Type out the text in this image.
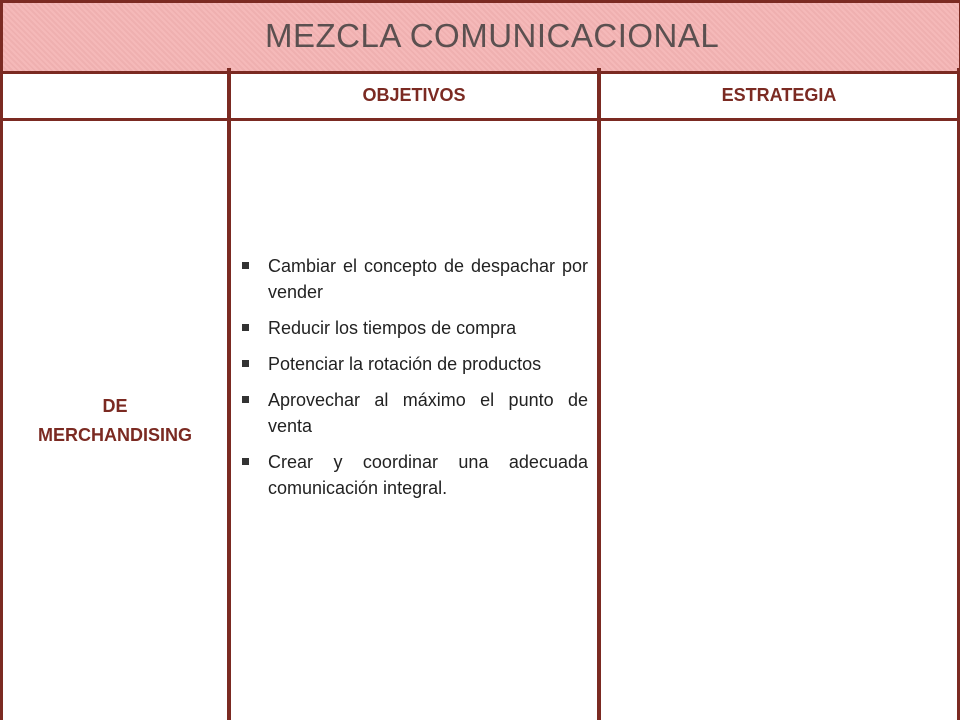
MEZCLA COMUNICACIONAL
OBJETIVOS	ESTRATEGIA
DE
MERCHANDISING
Cambiar el concepto de despachar por vender
Reducir los tiempos de compra
Potenciar la rotación de productos
Aprovechar al máximo el punto de venta
Crear y coordinar una adecuada comunicación integral.
